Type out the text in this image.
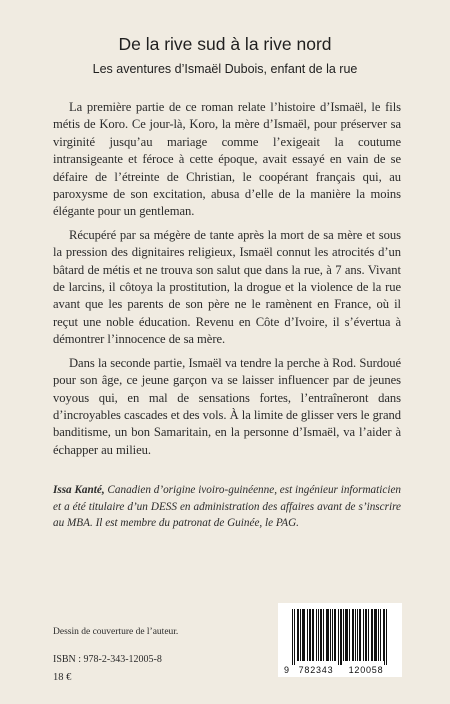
De la rive sud à la rive nord
Les aventures d’Ismaël Dubois, enfant de la rue

La première partie de ce roman relate l’histoire d’Ismaël, le fils métis de Koro. Ce jour-là, Koro, la mère d’Ismaël, pour préserver sa virginité jusqu’au mariage comme l’exigeait la coutume intransigeante et féroce à cette époque, avait essayé en vain de se défaire de l’étreinte de Christian, le coopérant français qui, au paroxysme de son excitation, abusa d’elle de la manière la moins élégante pour un gentleman.

Récupéré par sa mégère de tante après la mort de sa mère et sous la pression des dignitaires religieux, Ismaël connut les atrocités d’un bâtard de métis et ne trouva son salut que dans la rue, à 7 ans. Vivant de larcins, il côtoya la prostitution, la drogue et la violence de la rue avant que les parents de son père ne le ramènent en France, où il reçut une noble éducation. Revenu en Côte d’Ivoire, il s’évertua à démontrer l’innocence de sa mère.

Dans la seconde partie, Ismaël va tendre la perche à Rod. Surdoué pour son âge, ce jeune garçon va se laisser influencer par de jeunes voyous qui, en mal de sensations fortes, l’entraîneront dans d’incroyables cascades et des vols. À la limite de glisser vers le grand banditisme, un bon Samaritain, en la personne d’Ismaël, va l’aider à échapper au milieu.

Issa Kanté, Canadien d’origine ivoiro-guinéenne, est ingénieur informaticien et a été titulaire d’un DESS en administration des affaires avant de s’inscrire au MBA. Il est membre du patronat de Guinée, le PAG.

Dessin de couverture de l’auteur.

ISBN : 978-2-343-12005-8

18 €

9 782343 120058
